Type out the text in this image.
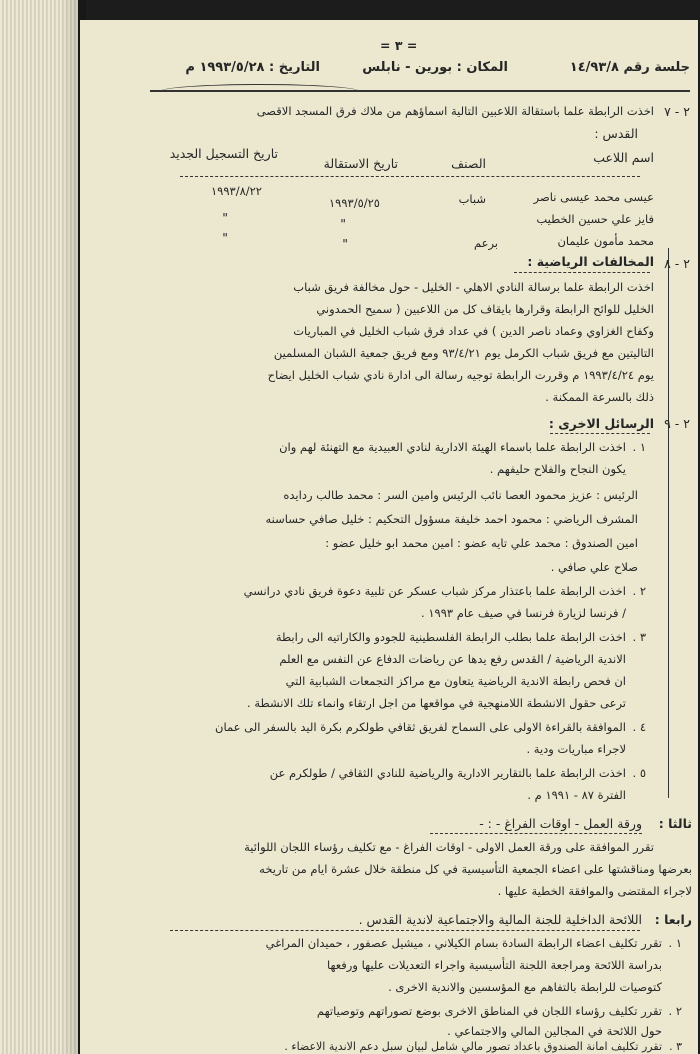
= ٣ =
جلسة رقم ١٤/٩٣/٨
المكان : بورين - نابلس
التاريخ : ١٩٩٣/٥/٢٨ م
٢ - ٧
اخذت الرابطة علما باستقالة اللاعبين التالية اسماؤهم من ملاك فرق المسجد الاقصى
القدس :
اسم اللاعب
الصنف
تاريخ الاستقالة
تاريخ التسجيل الجديد
عيسى محمد عيسى ناصر
شباب
١٩٩٣/٥/٢٥
١٩٩٣/٨/٢٢
فايز علي حسين الخطيب
"
"
محمد مأمون عليمان
برعم
"
"
٢ - ٨
المخالفات الرياضية :
اخذت الرابطة علما برسالة النادي الاهلي - الخليل - حول مخالفة فريق شباب
الخليل للوائح الرابطة وقرارها بايقاف كل من اللاعبين ( سميح الحمدوني
وكفاح الغزاوي وعماد ناصر الدين ) في عداد فرق شباب الخليل في المباريات
التاليتين مع فريق شباب الكرمل يوم ٩٣/٤/٢١ ومع فريق جمعية الشبان المسلمين
يوم ١٩٩٣/٤/٢٤ م وقررت الرابطة توجيه رسالة الى ادارة نادي شباب الخليل ايضاح
ذلك بالسرعة الممكنة .
٢ - ٩
الرسائل الاخرى :
١ .
اخذت الرابطة علما باسماء الهيئة الادارية لنادي العبيدية مع التهنئة لهم وان
يكون النجاح والفلاح حليفهم .
الرئيس : عزيز محمود العصا نائب الرئيس وامين السر : محمد طالب ردايده
المشرف الرياضي : محمود احمد خليفة مسؤول التحكيم : خليل صافي حساسنه
امين الصندوق : محمد علي تايه عضو : امين محمد ابو خليل عضو :
صلاح علي صافي .
٢ .
اخذت الرابطة علما باعتذار مركز شباب عسكر عن تلبية دعوة فريق نادي درانسي
/ فرنسا لزيارة فرنسا في صيف عام ١٩٩٣ .
٣ .
اخذت الرابطة علما بطلب الرابطة الفلسطينية للجودو والكاراتيه الى رابطة
الاندية الرياضية / القدس رفع يدها عن رياضات الدفاع عن النفس مع العلم
ان فحص رابطة الاندية الرياضية يتعاون مع مراكز التجمعات الشبابية التي
ترعى حقول الانشطة اللامنهجية في مواقعها من اجل ارتقاء وانماء تلك الانشطة .
٤ .
الموافقة بالقراءة الاولى على السماح لفريق ثقافي طولكرم بكرة اليد بالسفر الى عمان
لاجراء مباريات ودية .
٥ .
اخذت الرابطة علما بالتقارير الادارية والرياضية للنادي الثقافي / طولكرم عن
الفترة ٨٧ - ١٩٩١ م .
ثالثا :
ورقة العمل - اوقات الفراغ - : -
تقرر الموافقة على ورقة العمل الاولى - اوقات الفراغ - مع تكليف رؤساء اللجان اللوائية
بعرضها ومناقشتها على اعضاء الجمعية التأسيسية في كل منطقة خلال عشرة ايام من تاريخه
لاجراء المقتضى والموافقة الخطية عليها .
رابعا :
اللائحة الداخلية للجنة المالية والاجتماعية لاندية القدس .
١ .
تقرر تكليف اعضاء الرابطة السادة بسام الكيلاني ، ميشيل عصفور ، حميدان المراغي
بدراسة اللائحة ومراجعة اللجنة التأسيسية واجراء التعديلات عليها ورفعها
كتوصيات للرابطة بالتفاهم مع المؤسسين والاندية الاخرى .
٢ .
تقرر تكليف رؤساء اللجان في المناطق الاخرى بوضع تصوراتهم وتوصياتهم
حول اللائحة في المجالين المالي والاجتماعي .
٣ .
تقرر تكليف امانة الصندوق باعداد تصور مالي شامل لبيان سبل دعم الاندية الاعضاء .
